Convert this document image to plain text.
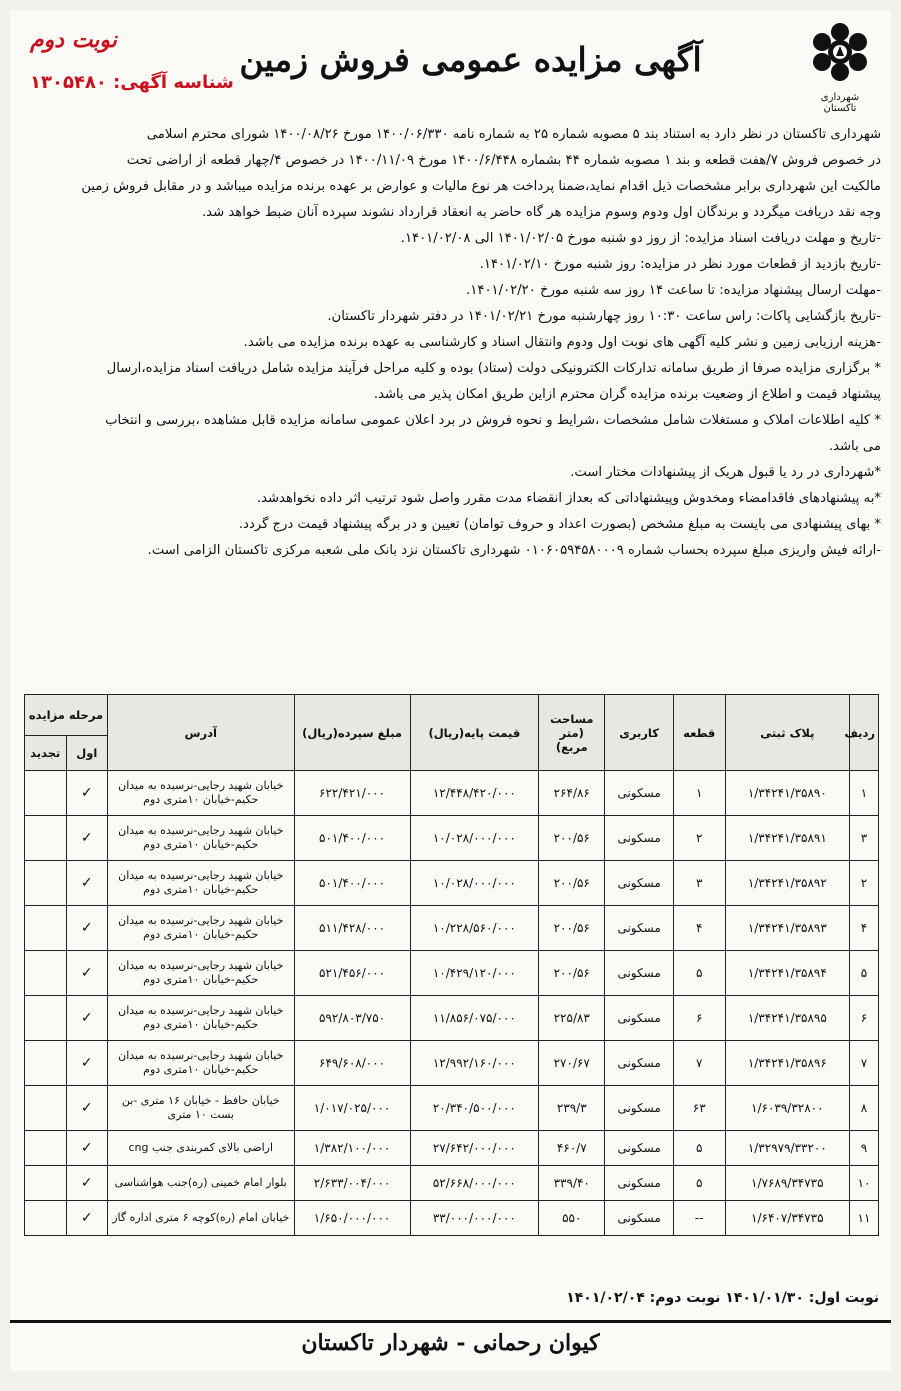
شهرداری تاکستان
آگهی مزایده عمومی فروش زمین
نوبت دوم
شناسه آگهی: ۱۳۰۵۴۸۰

شهرداری تاکستان در نظر دارد به استناد بند ۵ مصوبه شماره ۲۵ به شماره نامه ۱۴۰۰/۰۶/۳۳۰ مورخ ۱۴۰۰/۰۸/۲۶ شورای محترم اسلامی
در خصوص فروش ۷/هفت قطعه و بند ۱ مصوبه شماره ۴۴ بشماره ۱۴۰۰/۶/۴۴۸ مورخ ۱۴۰۰/۱۱/۰۹ در خصوص ۴/چهار قطعه از اراضی تحت
مالکیت این شهرداری برابر مشخصات ذیل اقدام نماید،ضمنا پرداخت هر نوع مالیات و عوارض بر عهده برنده مزایده میباشد و در مقابل فروش زمین
وجه نقد دریافت میگردد و برندگان اول ودوم وسوم مزایده هر گاه حاضر به انعقاد قرارداد نشوند سپرده آنان ضبط خواهد شد.

-تاریخ و مهلت دریافت اسناد مزایده: از روز دو شنبه مورخ ۱۴۰۱/۰۲/۰۵ الی ۱۴۰۱/۰۲/۰۸.
-تاریخ بازدید از قطعات مورد نظر در مزایده: روز شنبه مورخ ۱۴۰۱/۰۲/۱۰.
-مهلت ارسال پیشنهاد مزایده: تا ساعت ۱۴ روز سه شنبه مورخ ۱۴۰۱/۰۲/۲۰.
-تاریخ بازگشایی پاکات: راس ساعت ۱۰:۳۰ روز چهارشنبه مورخ ۱۴۰۱/۰۲/۲۱ در دفتر شهردار تاکستان.
-هزینه ارزیابی زمین و نشر کلیه آگهی های نوبت اول ودوم وانتقال اسناد و کارشناسی به عهده برنده مزایده می باشد.
* برگزاری مزایده صرفا از طریق سامانه تدارکات الکترونیکی دولت (ستاد) بوده و کلیه مراحل فرآیند مزایده شامل دریافت اسناد مزایده،ارسال
پیشنهاد قیمت و اطلاع از وضعیت برنده مزایده گران محترم ازاین طریق امکان پذیر می باشد.
* کلیه اطلاعات املاک و مستغلات شامل مشخصات ،شرایط و نحوه فروش در برد اعلان عمومی سامانه مزایده قابل مشاهده ،بررسی و انتخاب
می باشد.
*شهرداری در رد یا قبول هریک از پیشنهادات مختار است.
*به پیشنهادهای فاقدامضاء ومخدوش وپیشنهاداتی که بعداز انقضاء مدت مقرر واصل شود ترتیب اثر داده نخواهدشد.
* بهای پیشنهادی می بایست به مبلغ مشخص (بصورت اعداد و حروف توامان) تعیین و در برگه پیشنهاد قیمت درج گردد.
-ارائه فیش واریزی مبلغ سپرده بحساب شماره ۰۱۰۶۰۵۹۴۵۸۰۰۰۹ شهرداری تاکستان نزد بانک ملی شعبه مرکزی تاکستان الزامی است.
ردیف	پلاک ثبتی	قطعه	کاربری	مساحت (متر مربع)	قیمت پایه(ریال)	مبلغ سپرده(ریال)	آدرس	مرحله مزایده	
								اول	تجدید
۱	۱/۳۴۲۴۱/۳۵۸۹۰	۱	مسکونی	۲۶۴/۸۶	۱۲/۴۴۸/۴۲۰/۰۰۰	۶۲۲/۴۲۱/۰۰۰	خیابان شهید رجایی-نرسیده به میدان حکیم-خیابان ۱۰متری دوم	✓	
۳	۱/۳۴۲۴۱/۳۵۸۹۱	۲	مسکونی	۲۰۰/۵۶	۱۰/۰۲۸/۰۰۰/۰۰۰	۵۰۱/۴۰۰/۰۰۰	خیابان شهید رجایی-نرسیده به میدان حکیم-خیابان ۱۰متری دوم	✓	
۲	۱/۳۴۲۴۱/۳۵۸۹۲	۳	مسکونی	۲۰۰/۵۶	۱۰/۰۲۸/۰۰۰/۰۰۰	۵۰۱/۴۰۰/۰۰۰	خیابان شهید رجایی-نرسیده به میدان حکیم-خیابان ۱۰متری دوم	✓	
۴	۱/۳۴۲۴۱/۳۵۸۹۳	۴	مسکونی	۲۰۰/۵۶	۱۰/۲۲۸/۵۶۰/۰۰۰	۵۱۱/۴۲۸/۰۰۰	خیابان شهید رجایی-نرسیده به میدان حکیم-خیابان ۱۰متری دوم	✓	
۵	۱/۳۴۲۴۱/۳۵۸۹۴	۵	مسکونی	۲۰۰/۵۶	۱۰/۴۲۹/۱۲۰/۰۰۰	۵۲۱/۴۵۶/۰۰۰	خیابان شهید رجایی-نرسیده به میدان حکیم-خیابان ۱۰متری دوم	✓	
۶	۱/۳۴۲۴۱/۳۵۸۹۵	۶	مسکونی	۲۲۵/۸۳	۱۱/۸۵۶/۰۷۵/۰۰۰	۵۹۲/۸۰۳/۷۵۰	خیابان شهید رجایی-نرسیده به میدان حکیم-خیابان ۱۰متری دوم	✓	
۷	۱/۳۴۲۴۱/۳۵۸۹۶	۷	مسکونی	۲۷۰/۶۷	۱۲/۹۹۲/۱۶۰/۰۰۰	۶۴۹/۶۰۸/۰۰۰	خیابان شهید رجایی-نرسیده به میدان حکیم-خیابان ۱۰متری دوم	✓	
۸	۱/۶۰۳۹/۳۲۸۰۰	۶۳	مسکونی	۲۳۹/۳	۲۰/۳۴۰/۵۰۰/۰۰۰	۱/۰۱۷/۰۲۵/۰۰۰	خیابان حافظ - خیابان ۱۶ متری -بن بست ۱۰ متری	✓	
۹	۱/۳۲۹۷۹/۳۳۲۰۰	۵	مسکونی	۴۶۰/۷	۲۷/۶۴۲/۰۰۰/۰۰۰	۱/۳۸۲/۱۰۰/۰۰۰	اراضی بالای کمربندی جنب cng	✓	
۱۰	۱/۷۶۸۹/۳۴۷۳۵	۵	مسکونی	۳۳۹/۴۰	۵۲/۶۶۸/۰۰۰/۰۰۰	۲/۶۳۳/۰۰۴/۰۰۰	بلوار امام خمینی (ره)جنب هواشناسی	✓	
۱۱	۱/۶۴۰۷/۳۴۷۳۵	--	مسکونی	۵۵۰	۳۳/۰۰۰/۰۰۰/۰۰۰	۱/۶۵۰/۰۰۰/۰۰۰	خیابان امام (ره)کوچه ۶ متری اداره گاز	✓	
نوبت اول: ۱۴۰۱/۰۱/۳۰ نوبت دوم: ۱۴۰۱/۰۲/۰۴
کیوان رحمانی - شهردار تاکستان
